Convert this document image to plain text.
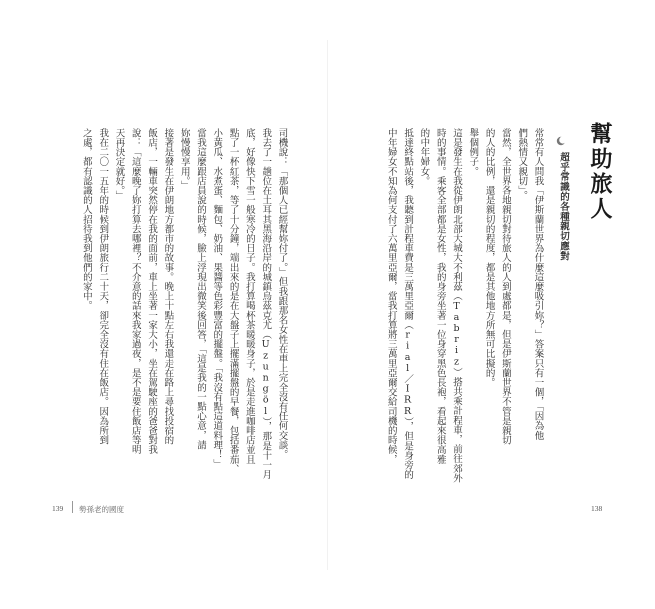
司機說：「那個人已經幫妳付了。」但我跟那名女性在車上完全沒有任何交談。
我去了一趟位在土耳其黑海沿岸的城鎮烏茲克尤（Uzungöl），那是十一月
底，好像快下雪一般寒冷的日子。我打算喝杯茶暖暖身子，於是走進咖啡店並且
點了一杯紅茶，等了十分鐘，端出來的是在大盤子上擺滿擺盤的早餐，包括番茄、
小黃瓜、水煮蛋、麵包、奶油、果醬等色彩豐富的擺盤。「我沒有點這道料理！」
當我這麼跟店員說的時候，臉上浮現出微笑後回答，「這是我的一點心意，請
妳慢慢享用。」
接著是發生在伊朗地方都市的故事。晚上十點左右我還走在路上尋找投宿的
飯店，一輛車突然停在我的面前，車上坐著一家大小，坐在駕駛座的爸爸對我
說：「這麼晚了妳打算去哪裡？不介意的話來我家過夜，是不是要住飯店等明
天再決定就好。」
我在二〇一五年的時候到伊朗旅行二十天，卻完全沒有住在飯店。因為所到
之處，都有認識的人招待我到他們的家中。
139 勢孫老的國度
常常有人問我「伊斯蘭世界為什麼這麼吸引妳？」答案只有一個，「因為他
們熱情又親切」。
當然，全世界各地親切對待旅人的人到處都是，但是伊斯蘭世界不管是親切
的人的比例，還是親切的程度，都是其他地方所無可比擬的。
舉個例子。
這是發生在我從伊朗北部大城大不利茲（Tabriz）搭共乘計程車，前往郊外
時的事情。乘客全部都是女性，我的身旁坐著一位身穿黑色長袍，看起來很高雅
的中年婦女。
抵達終點站後，我聽到計程車費是三萬里亞爾（rial／IRR），但是身旁的
中年婦女不知為何支付了六萬里亞爾，當我打算將三萬里亞爾交給司機的時候，
138
幫助旅人
超乎常識的各種親切應對
